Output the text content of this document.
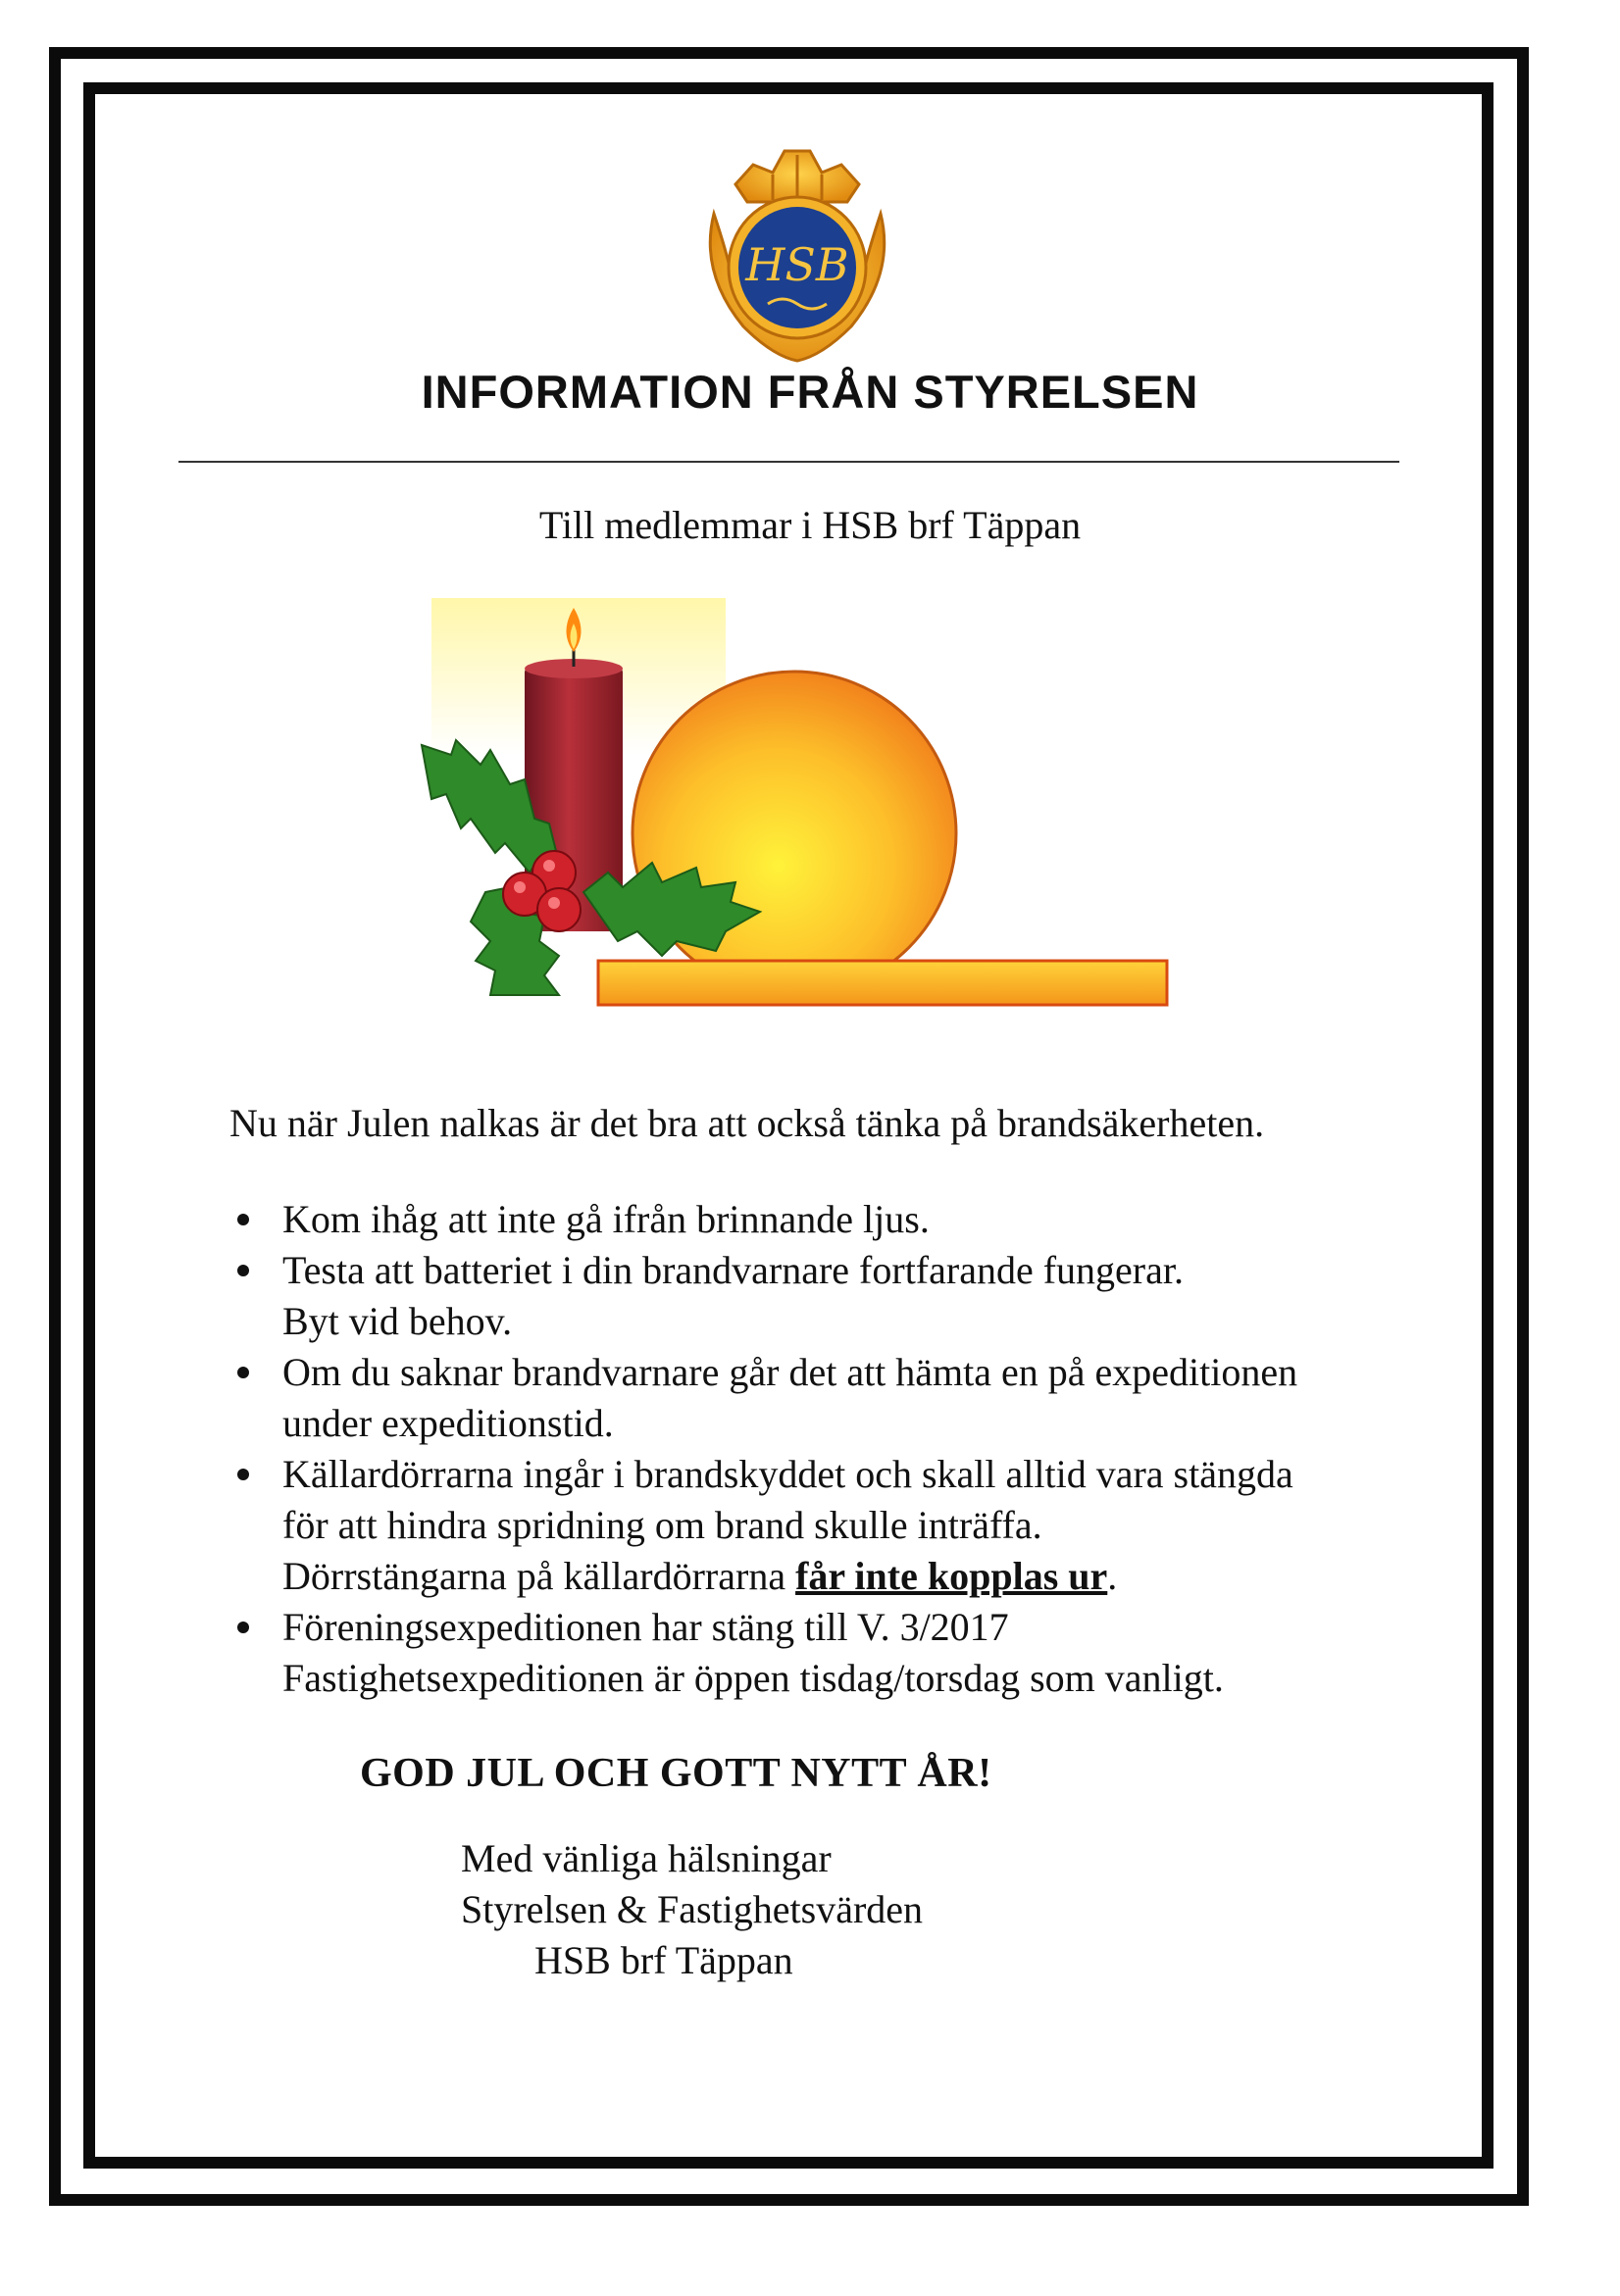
HSB
INFORMATION FRÅN STYRELSEN
Till medlemmar i HSB brf Täppan
Nu när Julen nalkas är det bra att också tänka på brandsäkerheten.
Kom ihåg att inte gå ifrån brinnande ljus.
Testa att batteriet i din brandvarnare fortfarande fungerar.
Byt vid behov.
Om du saknar brandvarnare går det att hämta en på expeditionen
under expeditionstid.
Källardörrarna ingår i brandskyddet och skall alltid vara stängda
för att hindra spridning om brand skulle inträffa.
Dörrstängarna på källardörrarna får inte kopplas ur.
Föreningsexpeditionen har stäng till V. 3/2017
Fastighetsexpeditionen är öppen tisdag/torsdag som vanligt.
GOD JUL OCH GOTT NYTT ÅR!
Med vänliga hälsningar
Styrelsen & Fastighetsvärden
HSB brf Täppan
